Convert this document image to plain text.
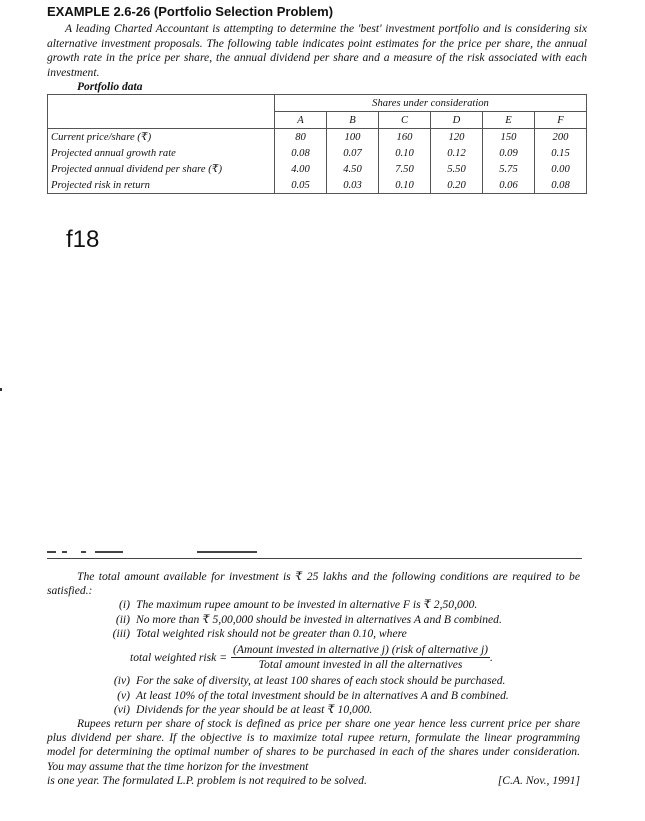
EXAMPLE 2.6-26 (Portfolio Selection Problem)

A leading Charted Accountant is attempting to determine the 'best' investment portfolio and is considering six alternative investment proposals. The following table indicates point estimates for the price per share, the annual growth rate in the price per share, the annual dividend per share and a measure of the risk associated with each investment.

Portfolio data
	Shares under consideration					
	A	B	C	D	E	F
Current price/share (₹)	80	100	160	120	150	200
Projected annual growth rate	0.08	0.07	0.10	0.12	0.09	0.15
Projected annual dividend per share (₹)	4.00	4.50	7.50	5.50	5.75	0.00
Projected risk in return	0.05	0.03	0.10	0.20	0.06	0.08
f18

The total amount available for investment is ₹ 25 lakhs and the following conditions are required to be satisfied.:

(i) The maximum rupee amount to be invested in alternative F is ₹ 2,50,000.
(ii) No more than ₹ 5,00,000 should be invested in alternatives A and B combined.
(iii) Total weighted risk should not be greater than 0.10, where
total weighted risk = $\frac{\text{(Amount invested in alternative j) (risk of alternative j)}}{\text{Total amount invested in all the alternatives}}$ .
(iv) For the sake of diversity, at least 100 shares of each stock should be purchased.
(v) At least 10% of the total investment should be in alternatives A and B combined.
(vi) Dividends for the year should be at least ₹ 10,000.

Rupees return per share of stock is defined as price per share one year hence less current price per share plus dividend per share. If the objective is to maximize total rupee return, formulate the linear programming model for determining the optimal number of shares to be purchased in each of the shares under consideration. You may assume that the time horizon for the investment

is one year. The formulated L.P. problem is not required to be solved.	[C.A. Nov., 1991]
